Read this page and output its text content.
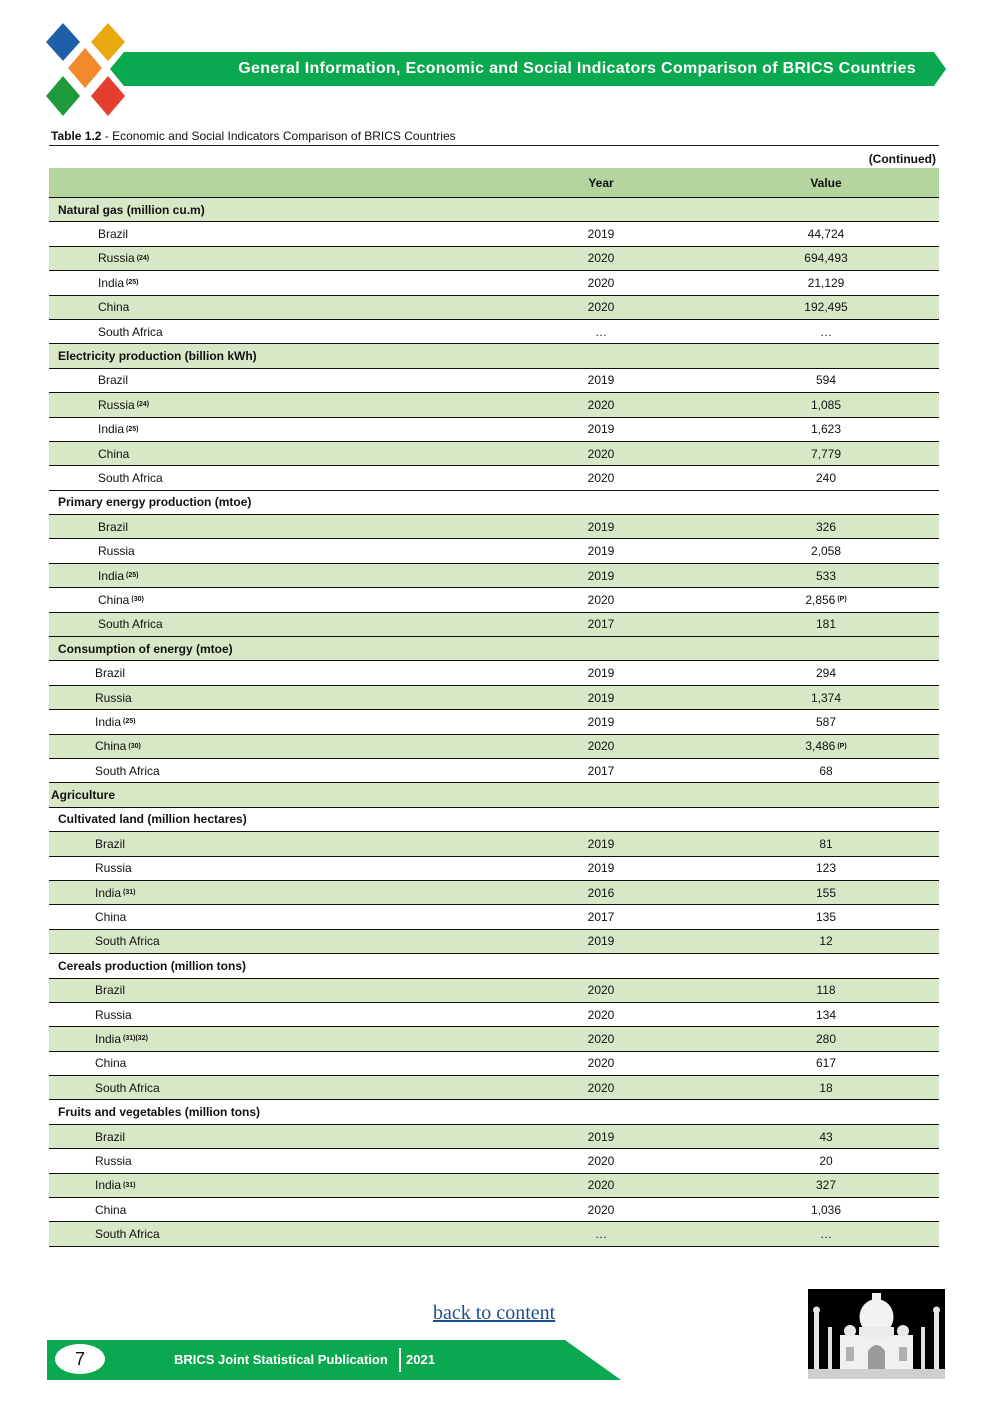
General Information, Economic and Social Indicators Comparison of BRICS Countries
Table 1.2 - Economic and Social Indicators Comparison of BRICS Countries
(Continued)
Year	Value
Natural gas (million cu.m)
Brazil	2019	44,724
Russia (24)	2020	694,493
India (25)	2020	21,129
China	2020	192,495
South Africa	…	…
Electricity production (billion kWh)
Brazil	2019	594
Russia (24)	2020	1,085
India (25)	2019	1,623
China	2020	7,779
South Africa	2020	240
Primary energy production (mtoe)
Brazil	2019	326
Russia	2019	2,058
India (25)	2019	533
China (30)	2020	2,856 (P)
South Africa	2017	181
Consumption of energy (mtoe)
Brazil	2019	294
Russia	2019	1,374
India (25)	2019	587
China (30)	2020	3,486 (P)
South Africa	2017	68
Agriculture
Cultivated land (million hectares)
Brazil	2019	81
Russia	2019	123
India (31)	2016	155
China	2017	135
South Africa	2019	12
Cereals production (million tons)
Brazil	2020	118
Russia	2020	134
India (31)(32)	2020	280
China	2020	617
South Africa	2020	18
Fruits and vegetables (million tons)
Brazil	2019	43
Russia	2020	20
India (31)	2020	327
China	2020	1,036
South Africa	…	…
back to content
7	BRICS Joint Statistical Publication 2021
